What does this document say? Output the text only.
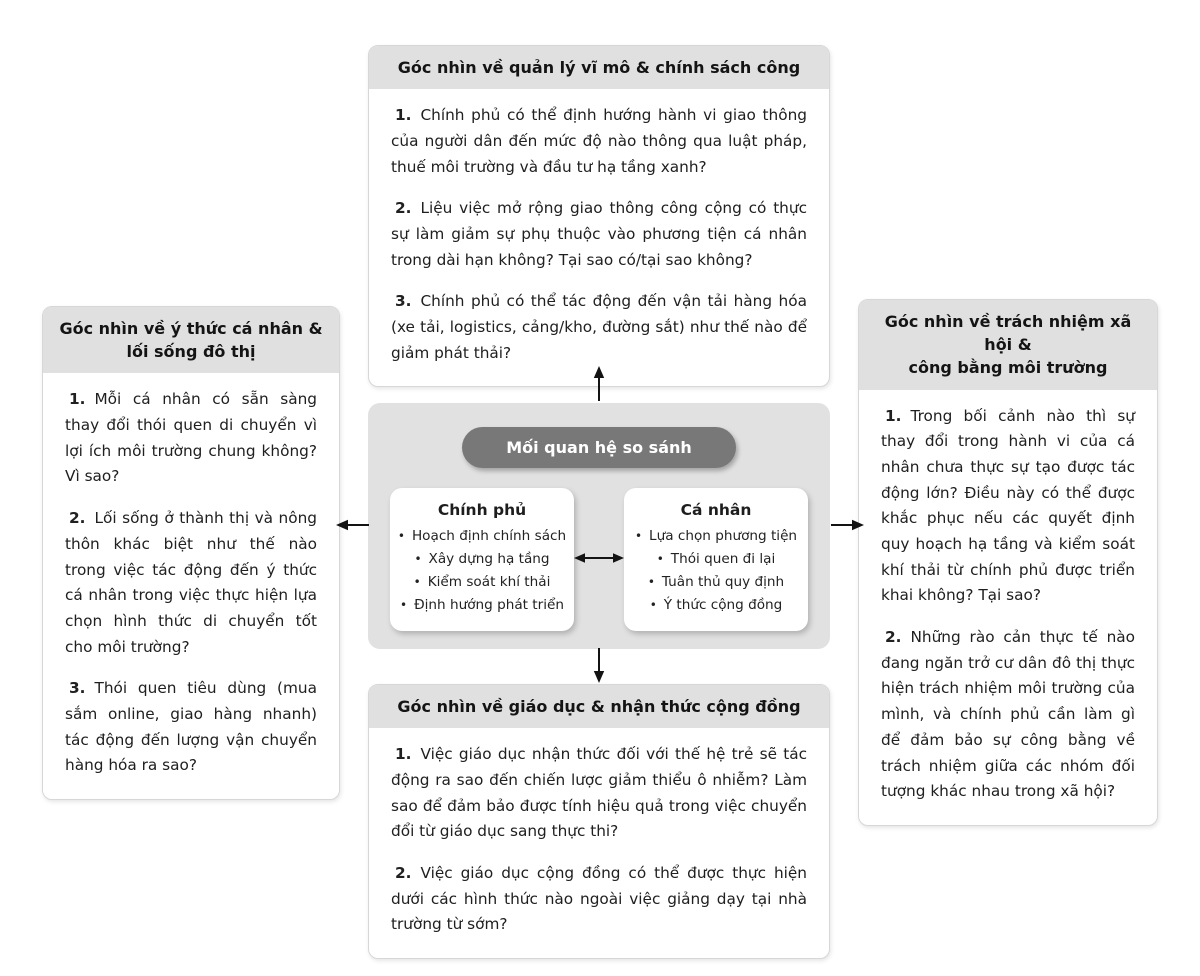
Góc nhìn về quản lý vĩ mô & chính sách công

1. Chính phủ có thể định hướng hành vi giao thông của người dân đến mức độ nào thông qua luật pháp, thuế môi trường và đầu tư hạ tầng xanh?

2. Liệu việc mở rộng giao thông công cộng có thực sự làm giảm sự phụ thuộc vào phương tiện cá nhân trong dài hạn không? Tại sao có/tại sao không?

3. Chính phủ có thể tác động đến vận tải hàng hóa (xe tải, logistics, cảng/kho, đường sắt) như thế nào để giảm phát thải?

Góc nhìn về ý thức cá nhân &
lối sống đô thị

1. Mỗi cá nhân có sẵn sàng thay đổi thói quen di chuyển vì lợi ích môi trường chung không? Vì sao?

2. Lối sống ở thành thị và nông thôn khác biệt như thế nào trong việc tác động đến ý thức cá nhân trong việc thực hiện lựa chọn hình thức di chuyển tốt cho môi trường?

3. Thói quen tiêu dùng (mua sắm online, giao hàng nhanh) tác động đến lượng vận chuyển hàng hóa ra sao?

Góc nhìn về trách nhiệm xã hội &
công bằng môi trường

1. Trong bối cảnh nào thì sự thay đổi trong hành vi của cá nhân chưa thực sự tạo được tác động lớn? Điều này có thể được khắc phục nếu các quyết định quy hoạch hạ tầng và kiểm soát khí thải từ chính phủ được triển khai không? Tại sao?

2. Những rào cản thực tế nào đang ngăn trở cư dân đô thị thực hiện trách nhiệm môi trường của mình, và chính phủ cần làm gì để đảm bảo sự công bằng về trách nhiệm giữa các nhóm đối tượng khác nhau trong xã hội?

Góc nhìn về giáo dục & nhận thức cộng đồng

1. Việc giáo dục nhận thức đối với thế hệ trẻ sẽ tác động ra sao đến chiến lược giảm thiểu ô nhiễm? Làm sao để đảm bảo được tính hiệu quả trong việc chuyển đổi từ giáo dục sang thực thi?

2. Việc giáo dục cộng đồng có thể được thực hiện dưới các hình thức nào ngoài việc giảng dạy tại nhà trường từ sớm?

Mối quan hệ so sánh
Chính phủ
• Hoạch định chính sách
• Xây dựng hạ tầng
• Kiểm soát khí thải
• Định hướng phát triển
Cá nhân
• Lựa chọn phương tiện
• Thói quen đi lại
• Tuân thủ quy định
• Ý thức cộng đồng
